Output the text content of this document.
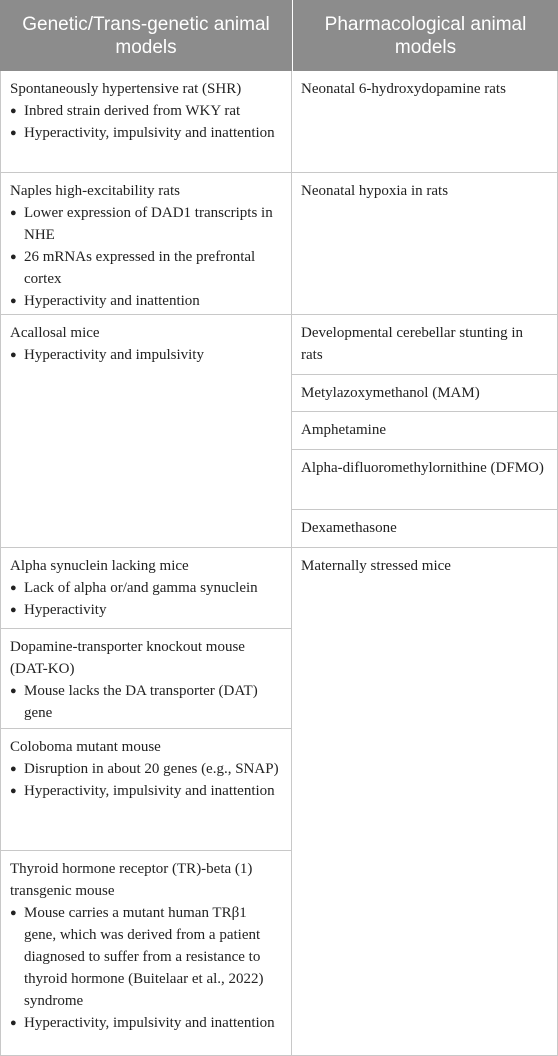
Genetic/Trans-genetic animal models
Pharmacological animal models
Spontaneously hypertensive rat (SHR)
● Inbred strain derived from WKY rat
● Hyperactivity, impulsivity and inattention
Naples high-excitability rats
● Lower expression of DAD1 transcripts in NHE
● 26 mRNAs expressed in the prefrontal cortex
● Hyperactivity and inattention
Acallosal mice
● Hyperactivity and impulsivity
Alpha synuclein lacking mice
● Lack of alpha or/and gamma synuclein
● Hyperactivity
Dopamine-transporter knockout mouse (DAT-KO)
● Mouse lacks the DA transporter (DAT) gene
Coloboma mutant mouse
● Disruption in about 20 genes (e.g., SNAP)
● Hyperactivity, impulsivity and inattention
Thyroid hormone receptor (TR)-beta (1) transgenic mouse
● Mouse carries a mutant human TRβ1 gene, which was derived from a patient diagnosed to suffer from a resistance to thyroid hormone (Buitelaar et al., 2022) syndrome
● Hyperactivity, impulsivity and inattention
Neonatal 6-hydroxydopamine rats
Neonatal hypoxia in rats
Developmental cerebellar stunting in rats
Metylazoxymethanol (MAM)
Amphetamine
Alpha-difluoromethylornithine (DFMO)
Dexamethasone
Maternally stressed mice
